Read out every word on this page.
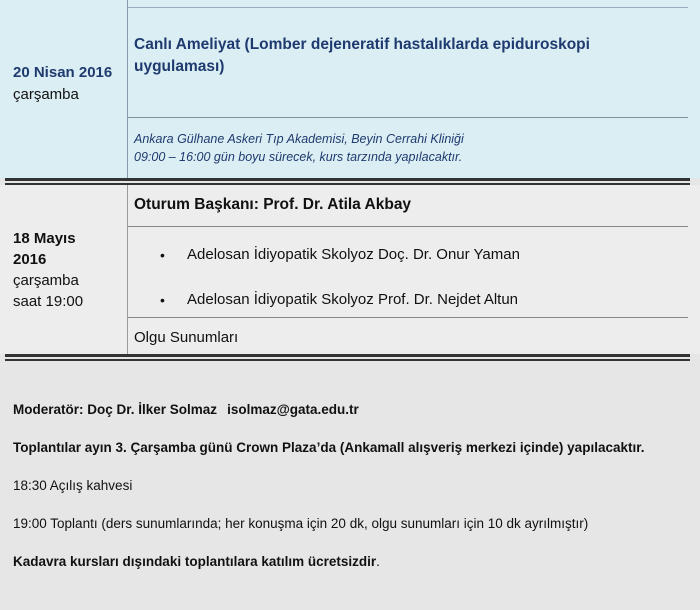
20 Nisan 2016
çarşamba
Canlı Ameliyat (Lomber dejeneratif hastalıklarda epiduroskopi
uygulaması)
Ankara Gülhane Askeri Tıp Akademisi, Beyin Cerrahi Kliniği
09:00 – 16:00 gün boyu sürecek, kurs tarzında yapılacaktır.
Oturum Başkanı: Prof. Dr. Atila Akbay
18 Mayıs
2016
çarşamba
saat 19:00
• Adelosan İdiyopatik Skolyoz Doç. Dr. Onur Yaman
• Adelosan İdiyopatik Skolyoz Prof. Dr. Nejdet Altun
Olgu Sunumları
Moderatör: Doç Dr. İlker Solmaz isolmaz@gata.edu.tr
Toplantılar ayın 3. Çarşamba günü Crown Plaza’da (Ankamall alışveriş merkezi içinde) yapılacaktır.
18:30 Açılış kahvesi
19:00 Toplantı (ders sunumlarında; her konuşma için 20 dk, olgu sunumları için 10 dk ayrılmıştır)
Kadavra kursları dışındaki toplantılara katılım ücretsizdir.
